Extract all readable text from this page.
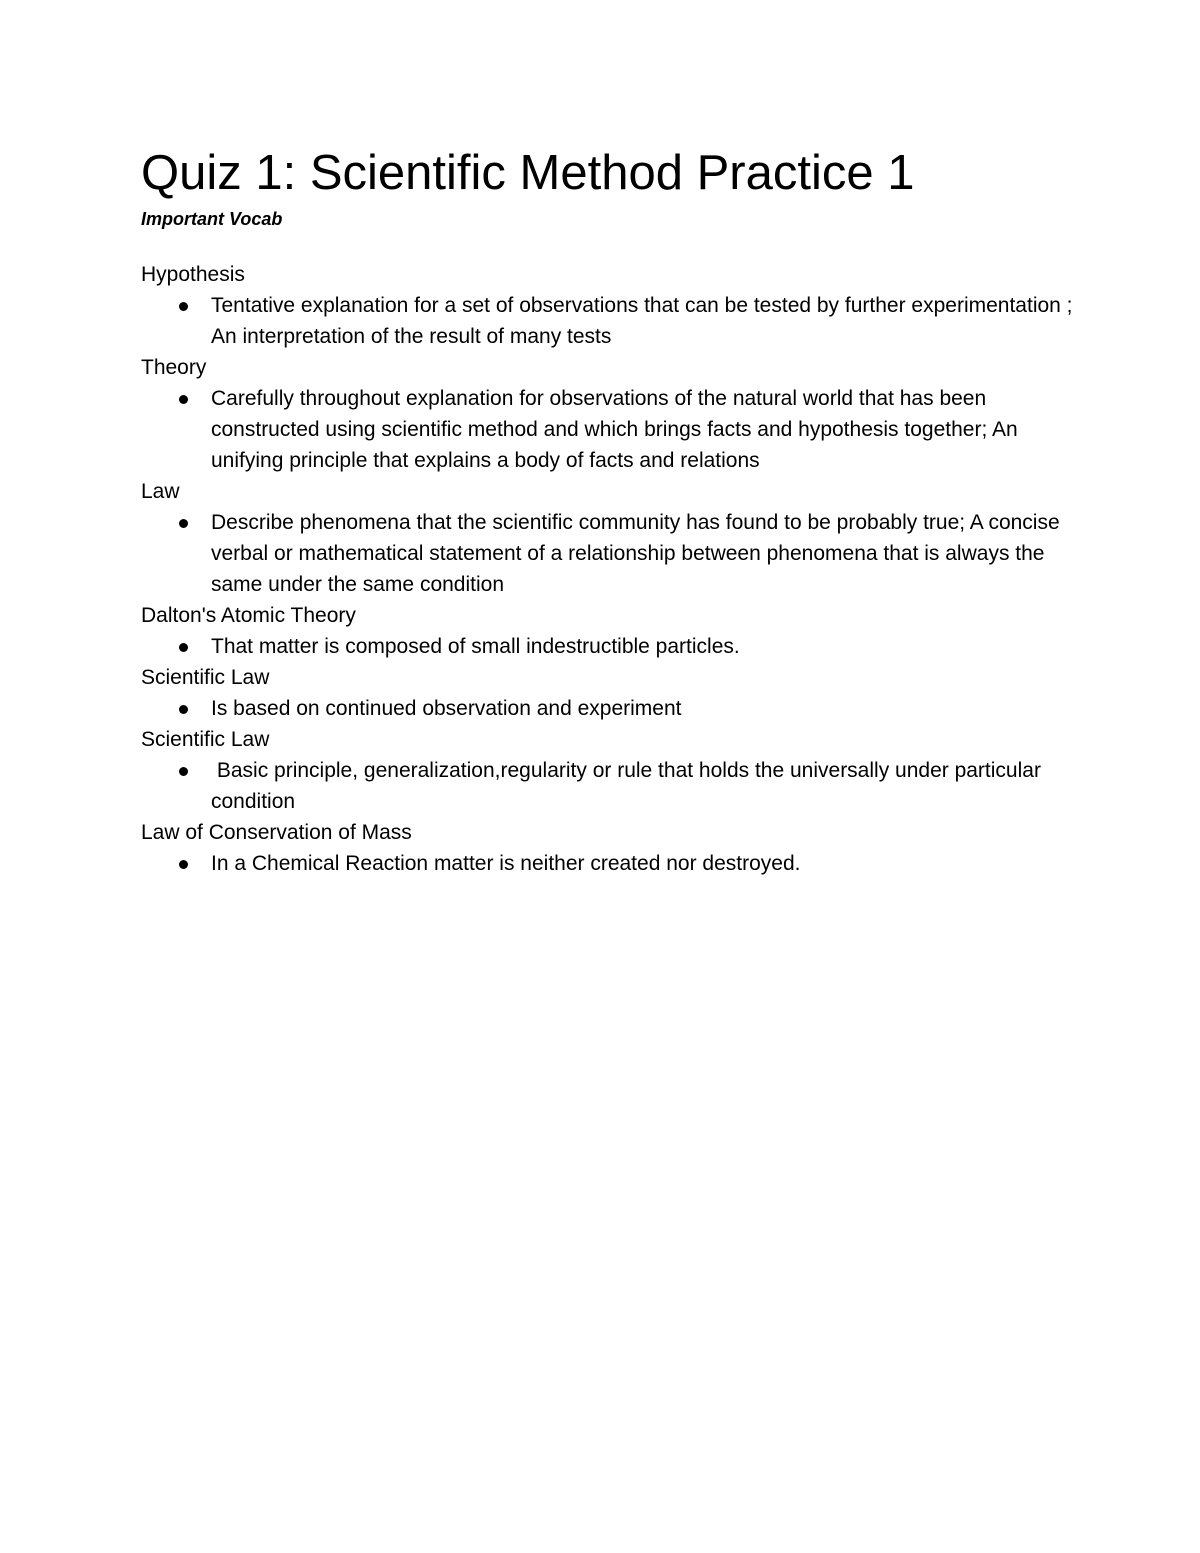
Quiz 1: Scientific Method Practice 1
Important Vocab
Hypothesis
Tentative explanation for a set of observations that can be tested by further experimentation ; An interpretation of the result of many tests
Theory
Carefully throughout explanation for observations of the natural world that has been constructed using scientific method and which brings facts and hypothesis together; An unifying principle that explains a body of facts and relations
Law
Describe phenomena that the scientific community has found to be probably true; A concise verbal or mathematical statement of a relationship between phenomena that is always the same under the same condition
Dalton's Atomic Theory
That matter is composed of small indestructible particles.
Scientific Law
Is based on continued observation and experiment
Scientific Law
Basic principle, generalization,regularity or rule that holds the universally under particular condition
Law of Conservation of Mass
In a Chemical Reaction matter is neither created nor destroyed.
